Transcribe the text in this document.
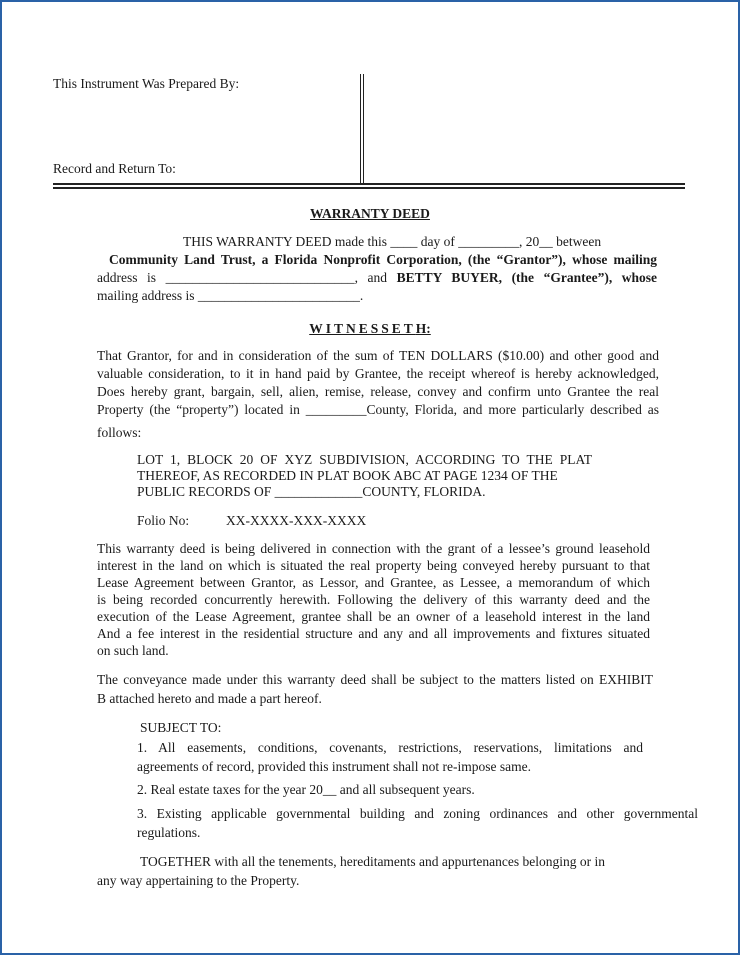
This Instrument Was Prepared By:
Record and Return To:
WARRANTY DEED
THIS WARRANTY DEED made this ____ day of _________, 20__ between
Community Land Trust, a Florida Nonprofit Corporation, (the “Grantor”), whose mailing
address is ____________________________, and BETTY BUYER, (the “Grantee”), whose
mailing address is ________________________.
WITNESSETH:
That Grantor, for and in consideration of the sum of TEN DOLLARS ($10.00) and other good and
valuable consideration, to it in hand paid by Grantee, the receipt whereof is hereby acknowledged,
Does hereby grant, bargain, sell, alien, remise, release, convey and confirm unto Grantee the real
Property (the “property”) located in _________County, Florida, and more particularly described as
follows:
LOT 1, BLOCK 20 OF XYZ SUBDIVISION, ACCORDING TO THE PLAT
THEREOF, AS RECORDED IN PLAT BOOK ABC AT PAGE 1234 OF THE
PUBLIC RECORDS OF _____________COUNTY, FLORIDA.
Folio No:	XX-XXXX-XXX-XXXX
This warranty deed is being delivered in connection with the grant of a lessee’s ground leasehold
interest in the land on which is situated the real property being conveyed hereby pursuant to that
Lease Agreement between Grantor, as Lessor, and Grantee, as Lessee, a memorandum of which
is being recorded concurrently herewith. Following the delivery of this warranty deed and the
execution of the Lease Agreement, grantee shall be an owner of a leasehold interest in the land
And a fee interest in the residential structure and any and all improvements and fixtures situated
on such land.
The conveyance made under this warranty deed shall be subject to the matters listed on EXHIBIT
B attached hereto and made a part hereof.
SUBJECT TO:
1. All easements, conditions, covenants, restrictions, reservations, limitations and
agreements of record, provided this instrument shall not re-impose same.
2. Real estate taxes for the year 20__ and all subsequent years.
3. Existing applicable governmental building and zoning ordinances and other governmental
regulations.
TOGETHER with all the tenements, hereditaments and appurtenances belonging or in
any way appertaining to the Property.
